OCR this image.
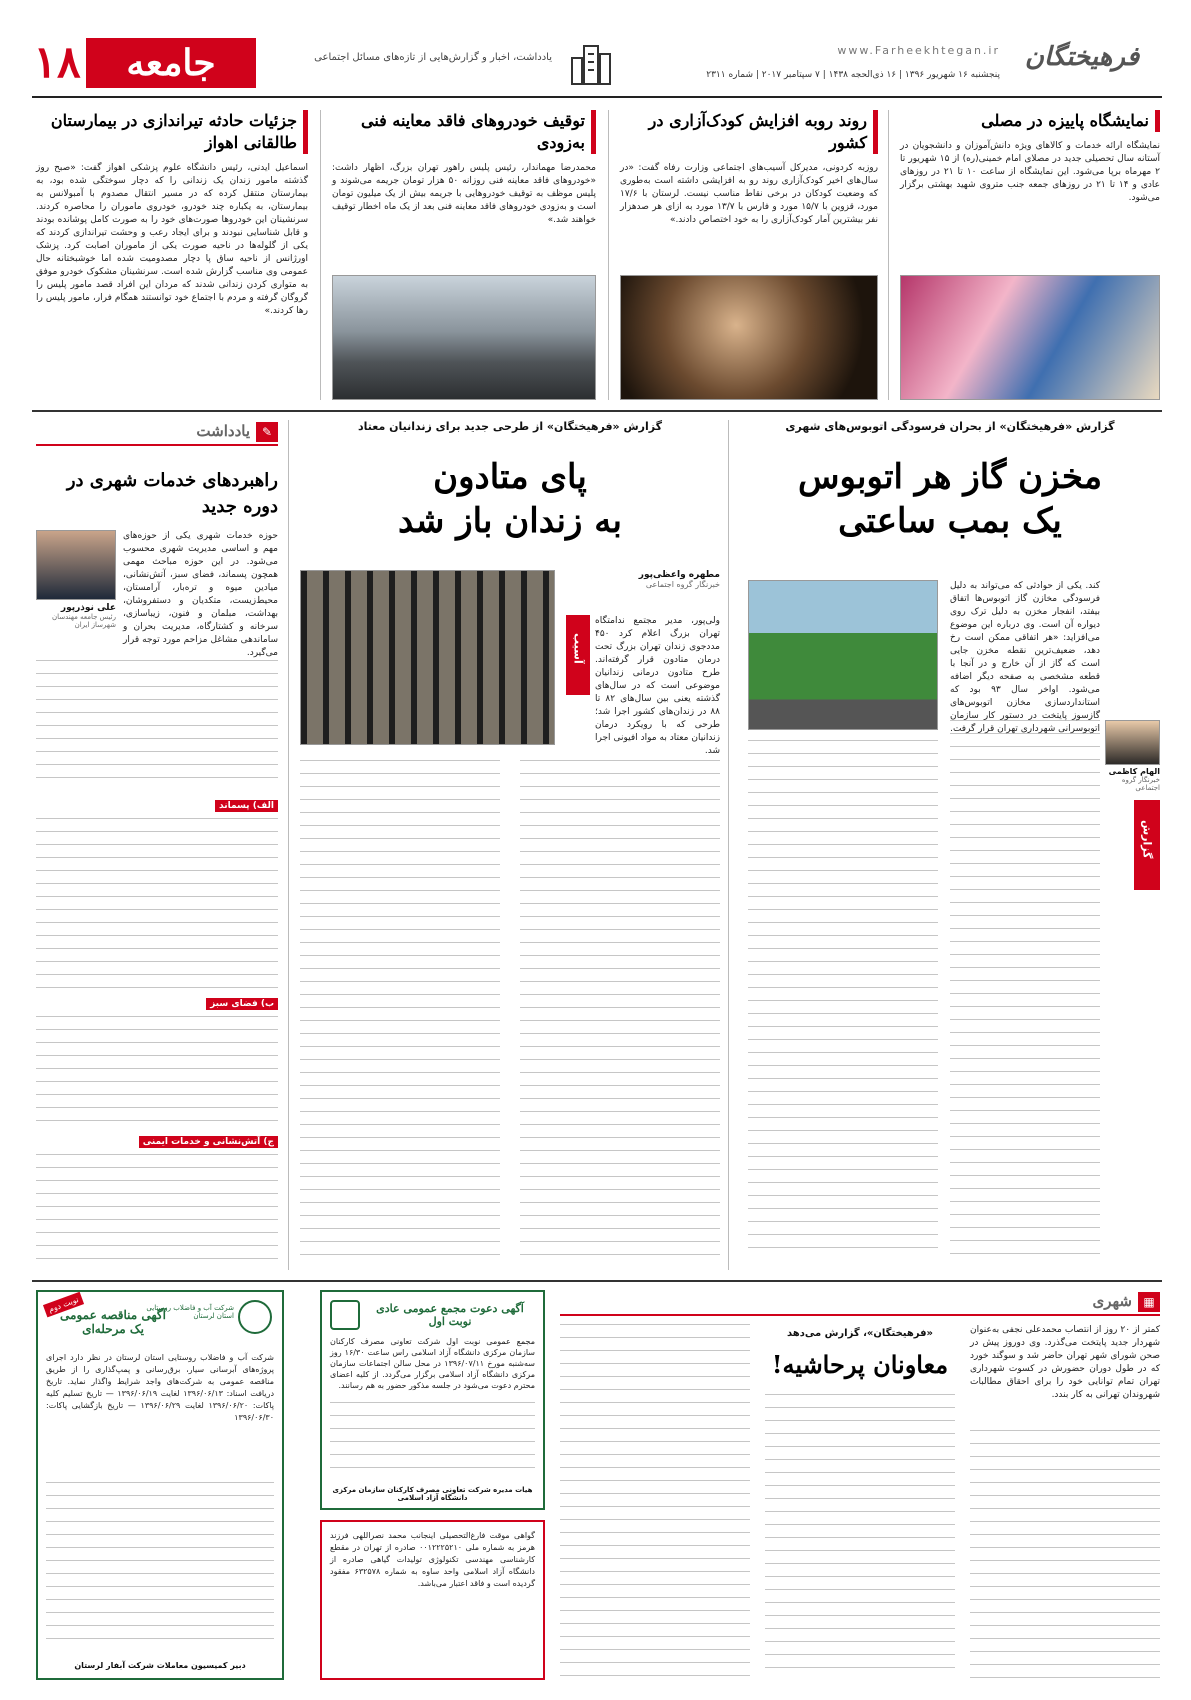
۱۸	جامعه	یادداشت، اخبار و گزارش‌هایی از تازه‌های مسائل اجتماعی
www.Farheekhtegan.ir
پنجشنبه ۱۶ شهریور ۱۳۹۶ | ۱۶ ذی‌الحجه ۱۴۳۸ | ۷ سپتامبر ۲۰۱۷ | شماره ۲۳۱۱
فرهیختگان
نمایشگاه پاییزه در مصلی
نمایشگاه ارائه خدمات و کالاهای ویژه دانش‌آموزان و دانشجویان در آستانه سال تحصیلی جدید در مصلای امام خمینی(ره) از ۱۵ شهریور تا ۲ مهرماه برپا می‌شود. این نمایشگاه از ساعت ۱۰ تا ۲۱ در روزهای عادی و ۱۴ تا ۲۱ در روزهای جمعه جنب متروی شهید بهشتی برگزار می‌شود.
روند روبه افزایش کودک‌آزاری در کشور
روزبه کردونی، مدیرکل آسیب‌های اجتماعی وزارت رفاه گفت: «در سال‌های اخیر کودک‌آزاری روند رو به افزایشی داشته است به‌طوری که وضعیت کودکان در برخی نقاط مناسب نیست. لرستان با ۱۷/۶ مورد، قزوین با ۱۵/۷ مورد و فارس با ۱۳/۷ مورد به ازای هر صدهزار نفر بیشترین آمار کودک‌آزاری را به خود اختصاص دادند.»
توقیف خودروهای فاقد معاینه فنی به‌زودی
محمدرضا مهماندار، رئیس پلیس راهور تهران بزرگ، اظهار داشت: «خودروهای فاقد معاینه فنی روزانه ۵۰ هزار تومان جریمه می‌شوند و پلیس موظف به توقیف خودروهایی با جریمه بیش از یک میلیون تومان است و به‌زودی خودروهای فاقد معاینه فنی بعد از یک ماه اخطار توقیف خواهند شد.»
جزئیات حادثه تیراندازی در بیمارستان طالقانی اهواز
اسماعیل ایدنی، رئیس دانشگاه علوم پزشکی اهواز گفت: «صبح روز گذشته مامور زندان یک زندانی را که دچار سوختگی شده بود، به بیمارستان منتقل کرده که در مسیر انتقال مصدوم با آمبولانس به بیمارستان، به یکباره چند خودرو، خودروی ماموران را محاصره کردند. سرنشینان این خودروها صورت‌های خود را به صورت کامل پوشانده بودند و قابل شناسایی نبودند و برای ایجاد رعب و وحشت تیراندازی کردند که یکی از گلوله‌ها در ناحیه صورت یکی از ماموران اصابت کرد. پزشک اورژانس از ناحیه ساق پا دچار مصدومیت شده اما خوشبختانه حال عمومی وی مناسب گزارش شده است. سرنشینان مشکوک خودرو موفق به متواری کردن زندانی شدند که مردان این افراد قصد مامور پلیس را گروگان گرفته و مردم با اجتماع خود توانستند همگام فرار، مامور پلیس را رها کردند.»
گزارش «فرهیختگان» از بحران فرسودگی اتوبوس‌های شهری
مخزن گاز هر اتوبوس
یک بمب ساعتی
کند. یکی از حوادثی که می‌تواند به دلیل فرسودگی مخازن گاز اتوبوس‌ها اتفاق بیفتد، انفجار مخزن به دلیل ترک روی دیواره آن است. وی درباره این موضوع می‌افزاید: «هر اتفاقی ممکن است رخ دهد، ضعیف‌ترین نقطه مخزن جایی است که گاز از آن خارج و در آنجا با قطعه مشخصی به صفحه دیگر اضافه می‌شود. اواخر سال ۹۳ بود که استاندارد‌سازی مخازن اتوبوس‌های گازسوز پایتخت در دستور کار سازمان اتوبوسرانی شهرداری تهران قرار گرفت.
گزارش
الهام کاظمی
خبرنگار گروه اجتماعی
گزارش «فرهیختگان» از طرحی جدید برای زندانیان معتاد
پای متادون
به زندان باز شد
مطهره واعظی‌پور
خبرنگار گروه اجتماعی
آسیب
ولی‌پور، مدیر مجتمع ندامتگاه تهران بزرگ اعلام کرد ۴۵۰ مددجوی زندان تهران بزرگ تحت درمان متادون قرار گرفته‌اند. طرح متادون درمانی زندانیان موضوعی است که در سال‌های گذشته یعنی بین سال‌های ۸۲ تا ۸۸ در زندان‌های کشور اجرا شد؛ طرحی که با رویکرد درمان زندانیان معتاد به مواد افیونی اجرا شد.
✎
یادداشت
راهبردهای خدمات شهری در دوره جدید
علی نوذرپور
رئیس جامعه مهندسان شهرساز ایران
حوزه خدمات شهری یکی از حوزه‌های مهم و اساسی مدیریت شهری محسوب می‌شود. در این حوزه مباحث مهمی همچون پسماند، فضای سبز، آتش‌نشانی، میادین میوه و تره‌بار، آرامستان، محیط‌زیست، متکدیان و دستفروشان، بهداشت، مبلمان و فنون، زیباسازی، سرخانه و کشتارگاه، مدیریت بحران و ساماندهی مشاغل مزاحم مورد توجه قرار می‌گیرد.
الف) پسماند
ب) فضای سبز
ج) آتش‌نشانی و خدمات ایمنی
▦
شهری
کمتر از ۲۰ روز از انتصاب محمدعلی نجفی به‌عنوان شهردار جدید پایتخت می‌گذرد. وی دوروز پیش در صحن شورای شهر تهران حاضر شد و سوگند خورد که در طول دوران حضورش در کسوت شهرداری تهران تمام توانایی خود را برای احقاق مطالبات شهروندان تهرانی به کار بندد.
«فرهیختگان»، گزارش می‌دهد
معاونان پرحاشیه!
نوبت دوم	شرکت آب و فاضلاب روستایی استان لرستان
آگهی مناقصه عمومی
یک مرحله‌ای
شرکت آب و فاضلاب روستایی استان لرستان در نظر دارد اجرای پروژه‌های آبرسانی سیار، برق‌رسانی و پمپ‌گذاری را از طریق مناقصه عمومی به شرکت‌های واجد شرایط واگذار نماید. تاریخ دریافت اسناد: ۱۳۹۶/۰۶/۱۳ لغایت ۱۳۹۶/۰۶/۱۹ — تاریخ تسلیم کلیه پاکات: ۱۳۹۶/۰۶/۲۰ لغایت ۱۳۹۶/۰۶/۲۹ — تاریخ بازگشایی پاکات: ۱۳۹۶/۰۶/۳۰
دبیر کمیسیون معاملات شرکت آبفار لرستان
آگهی دعوت مجمع عمومی عادی نوبت اول
مجمع عمومی نوبت اول شرکت تعاونی مصرف کارکنان سازمان مرکزی دانشگاه آزاد اسلامی راس ساعت ۱۶/۳۰ روز سه‌شنبه مورخ ۱۳۹۶/۰۷/۱۱ در محل سالن اجتماعات سازمان مرکزی دانشگاه آزاد اسلامی برگزار می‌گردد. از کلیه اعضای محترم دعوت می‌شود در جلسه مذکور حضور به هم رسانند.
هیات مدیره شرکت تعاونی مصرف کارکنان سازمان مرکزی دانشگاه آزاد اسلامی
گواهی موقت فارغ‌التحصیلی اینجانب محمد نصراللهی فرزند هرمز به شماره ملی ۰۰۱۲۲۲۵۲۱۰ صادره از تهران در مقطع کارشناسی مهندسی تکنولوژی تولیدات گیاهی صادره از دانشگاه آزاد اسلامی واحد ساوه به شماره ۶۳۲۵۷۸ مفقود گردیده است و فاقد اعتبار می‌باشد.
